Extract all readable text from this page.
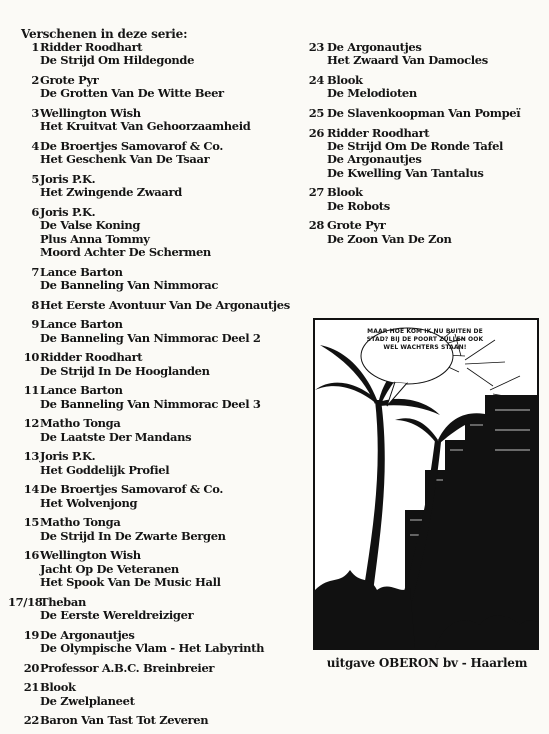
Verschenen in deze serie:
1 Ridder Roodhart
De Strijd Om Hildegonde
2 Grote Pyr
De Grotten Van De Witte Beer
3 Wellington Wish
Het Kruitvat Van Gehoorzaamheid
4 De Broertjes Samovarof & Co.
Het Geschenk Van De Tsaar
5 Joris P.K.
Het Zwingende Zwaard
6 Joris P.K.
De Valse Koning
Plus Anna Tommy
Moord Achter De Schermen
7 Lance Barton
De Banneling Van Nimmorac
8 Het Eerste Avontuur Van De Argonautjes
9 Lance Barton
De Banneling Van Nimmorac Deel 2
10 Ridder Roodhart
De Strijd In De Hooglanden
11 Lance Barton
De Banneling Van Nimmorac Deel 3
12 Matho Tonga
De Laatste Der Mandans
13 Joris P.K.
Het Goddelijk Profiel
14 De Broertjes Samovarof & Co.
Het Wolvenjong
15 Matho Tonga
De Strijd In De Zwarte Bergen
16 Wellington Wish
Jacht Op De Veteranen
Het Spook Van De Music Hall
17/18
Theban
De Eerste Wereldreiziger
19 De Argonautjes
De Olympische Vlam - Het Labyrinth
20 Professor A.B.C. Breinbreier
21 Blook
De Zwelplaneet
22 Baron Van Tast Tot Zeveren
23 De Argonautjes
Het Zwaard Van Damocles
24 Blook
De Melodioten
25 De Slavenkoopman Van Pompeï
26 Ridder Roodhart
De Strijd Om De Ronde Tafel
De Argonautjes
De Kwelling Van Tantalus
27 Blook
De Robots
28 Grote Pyr
De Zoon Van De Zon
MAAR HOE KOM IK NU BUITEN DE STAD? BIJ DE POORT ZULLEN OOK WEL WACHTERS STAAN!
uitgave OBERON bv - Haarlem
